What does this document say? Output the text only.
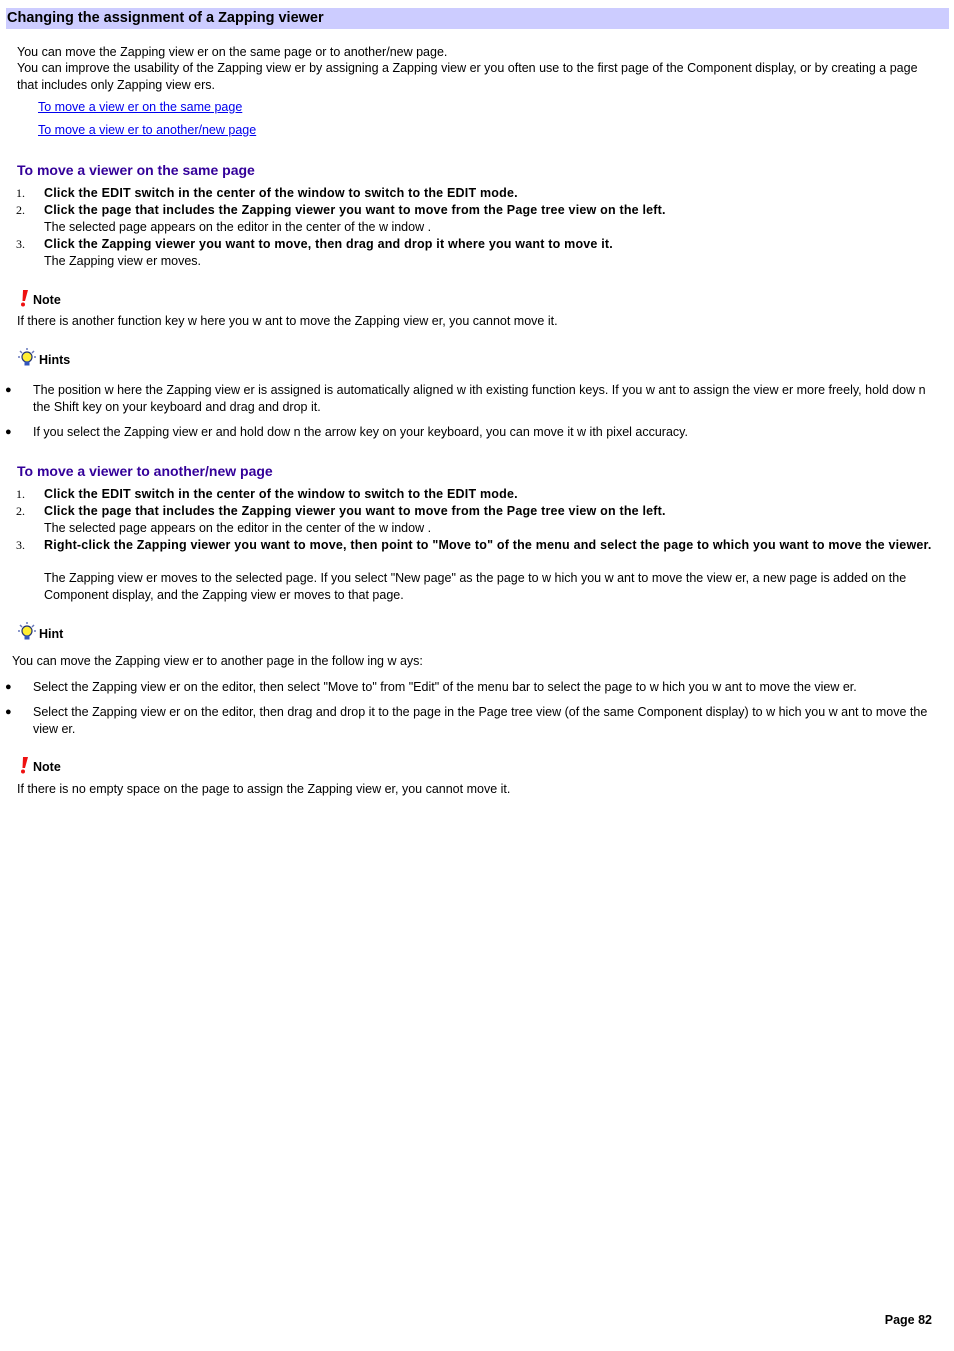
Changing the assignment of a Zapping viewer

You can move the Zapping view er on the same page or to another/new page.

You can improve the usability of the Zapping view er by assigning a Zapping view er you often use to the first page of the Component display, or by creating a page that includes only Zapping view ers.

To move a view er on the same page
To move a view er to another/new page
To move a viewer on the same page
1. Click the EDIT switch in the center of the window to switch to the EDIT mode.
2. Click the page that includes the Zapping viewer you want to move from the Page tree view on the left.
The selected page appears on the editor in the center of the w indow .
3. Click the Zapping viewer you want to move, then drag and drop it where you want to move it.
The Zapping view er moves.
Note

If there is another function key w here you w ant to move the Zapping view er, you cannot move it.

Hints
● The position w here the Zapping view er is assigned is automatically aligned w ith existing function keys. If you w ant to assign the view er more freely, hold dow n the Shift key on your keyboard and drag and drop it.
● If you select the Zapping view er and hold dow n the arrow key on your keyboard, you can move it w ith pixel accuracy.
To move a viewer to another/new page
1. Click the EDIT switch in the center of the window to switch to the EDIT mode.
2. Click the page that includes the Zapping viewer you want to move from the Page tree view on the left.
The selected page appears on the editor in the center of the w indow .
3. Right-click the Zapping viewer you want to move, then point to "Move to" of the menu and select the page to which you want to move the viewer.
The Zapping view er moves to the selected page. If you select "New page" as the page to w hich you w ant to move the view er, a new page is added on the Component display, and the Zapping view er moves to that page.
Hint

You can move the Zapping view er to another page in the follow ing w ays:

● Select the Zapping view er on the editor, then select "Move to" from "Edit" of the menu bar to select the page to w hich you w ant to move the view er.
● Select the Zapping view er on the editor, then drag and drop it to the page in the Page tree view (of the same Component display) to w hich you w ant to move the view er.
Note

If there is no empty space on the page to assign the Zapping view er, you cannot move it.

Page 82
